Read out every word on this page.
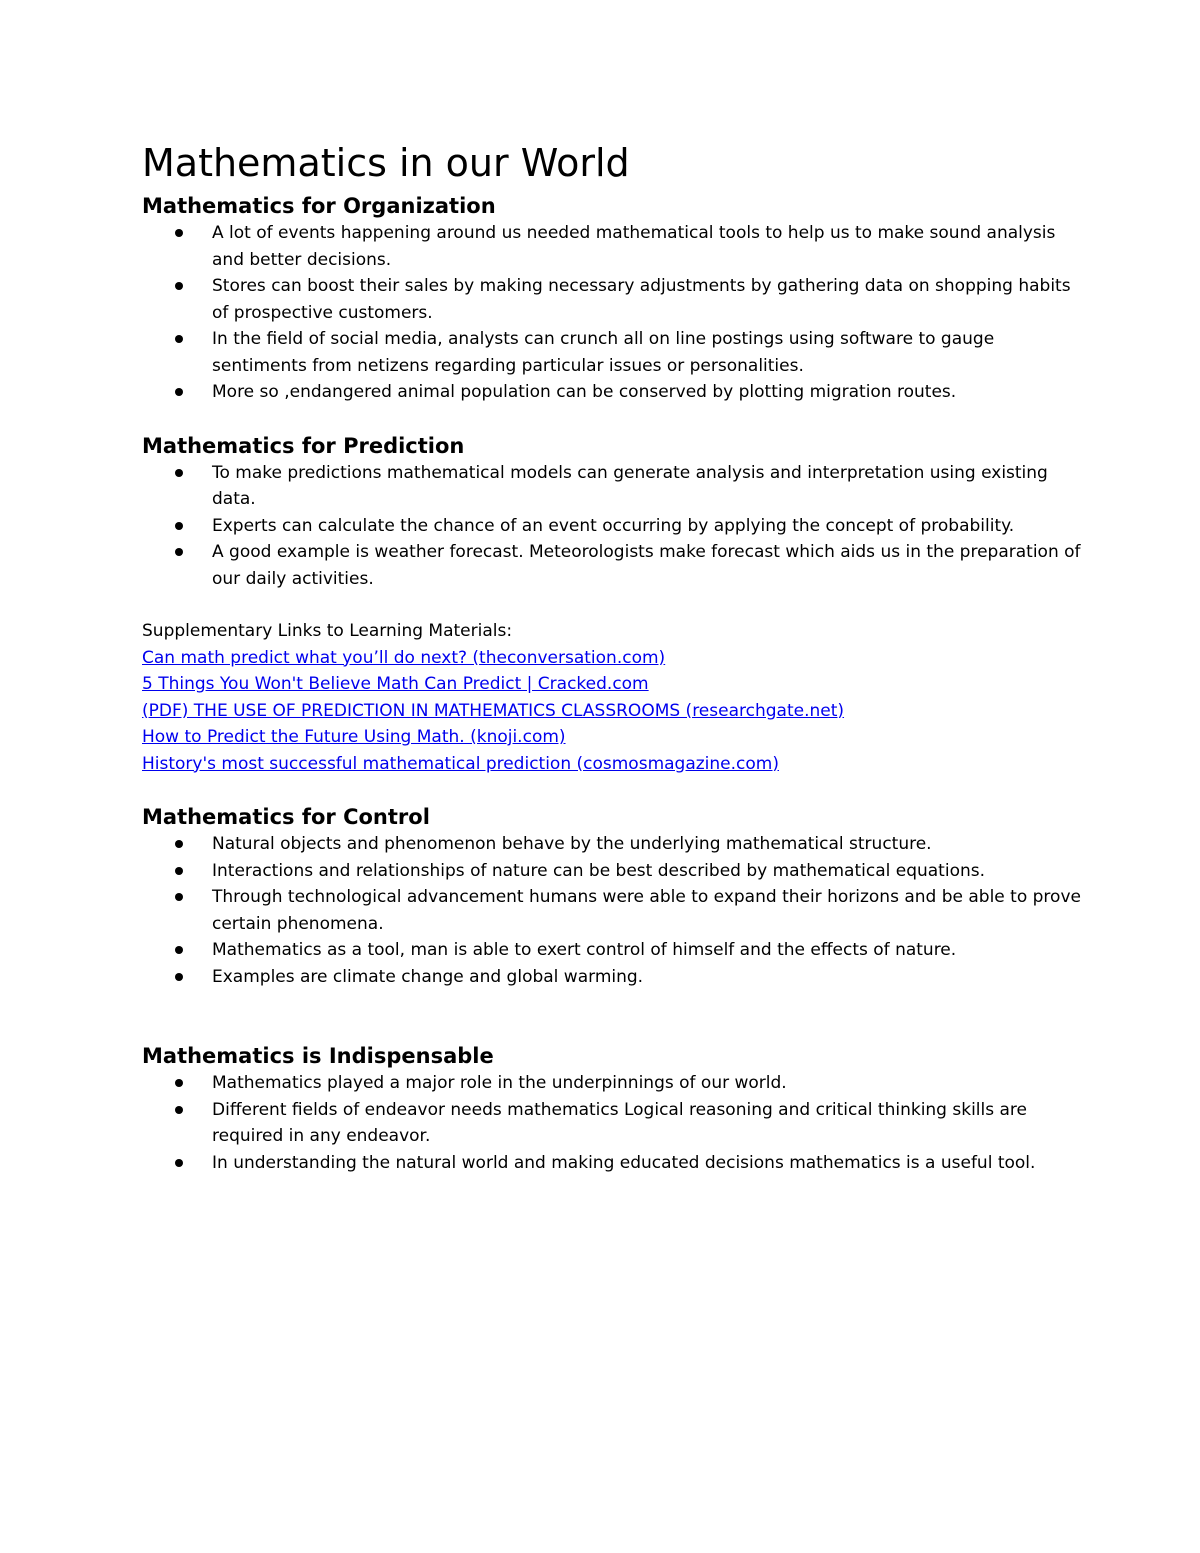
Mathematics in our World
Mathematics for Organization
A lot of events happening around us needed mathematical tools to help us to make sound analysis and better decisions.
Stores can boost their sales by making necessary adjustments by gathering data on shopping habits of prospective customers.
In the field of social media, analysts can crunch all on line postings using software to gauge sentiments from netizens regarding particular issues or personalities.
More so ,endangered animal population can be conserved by plotting migration routes.
Mathematics for Prediction
To make predictions mathematical models can generate analysis and interpretation using existing data.
Experts can calculate the chance of an event occurring by applying the concept of probability.
A good example is weather forecast. Meteorologists make forecast which aids us in the preparation of our daily activities.

Supplementary Links to Learning Materials:

Can math predict what you’ll do next? (theconversation.com)
5 Things You Won't Believe Math Can Predict | Cracked.com
(PDF) THE USE OF PREDICTION IN MATHEMATICS CLASSROOMS (researchgate.net)
How to Predict the Future Using Math. (knoji.com)
History's most successful mathematical prediction (cosmosmagazine.com)
Mathematics for Control
Natural objects and phenomenon behave by the underlying mathematical structure.
Interactions and relationships of nature can be best described by mathematical equations.
Through technological advancement humans were able to expand their horizons and be able to prove certain phenomena.
Mathematics as a tool, man is able to exert control of himself and the effects of nature.
Examples are climate change and global warming.
Mathematics is Indispensable
Mathematics played a major role in the underpinnings of our world.
Different fields of endeavor needs mathematics Logical reasoning and critical thinking skills are required in any endeavor.
In understanding the natural world and making educated decisions mathematics is a useful tool.
